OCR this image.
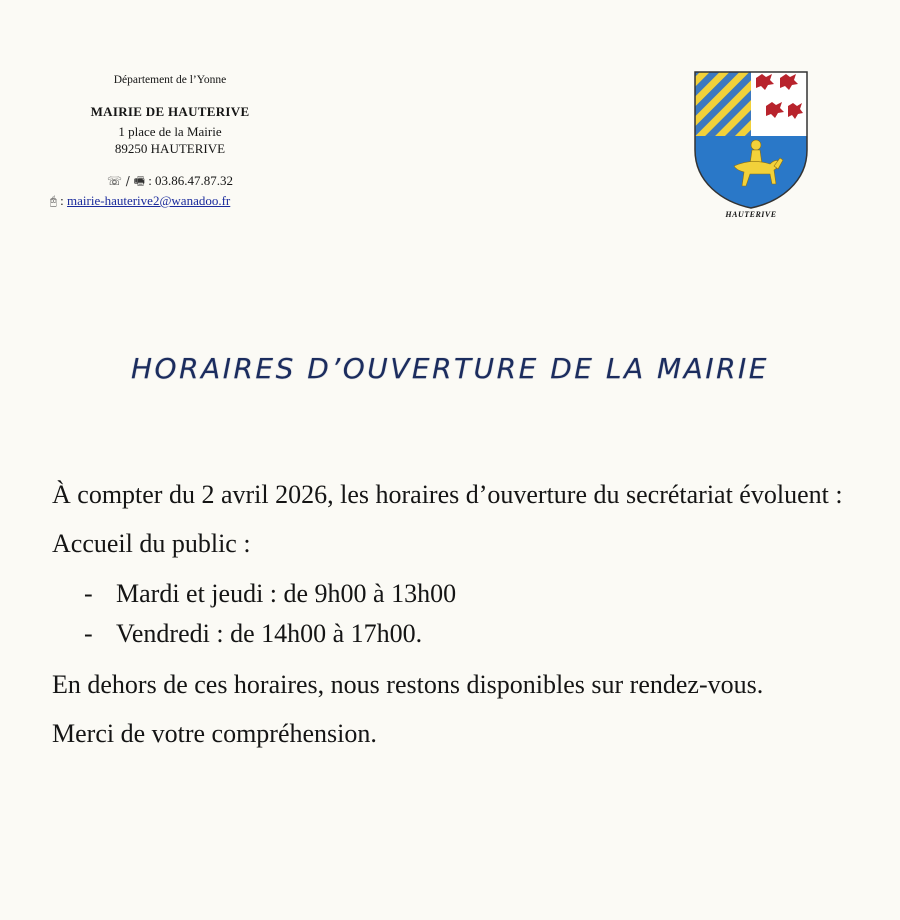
Département de l’Yonne

MAIRIE DE HAUTERIVE

1 place de la Mairie

89250 HAUTERIVE

☏ / 🖷 : 03.86.47.87.32
🖰 : mairie-hauterive2@wanadoo.fr
HAUTERIVE
HORAIRES D’OUVERTURE DE LA MAIRIE

À compter du 2 avril 2026, les horaires d’ouverture du secrétariat évoluent :

Accueil du public :

- Mardi et jeudi : de 9h00 à 13h00
- Vendredi : de 14h00 à 17h00.

En dehors de ces horaires, nous restons disponibles sur rendez-vous.

Merci de votre compréhension.
